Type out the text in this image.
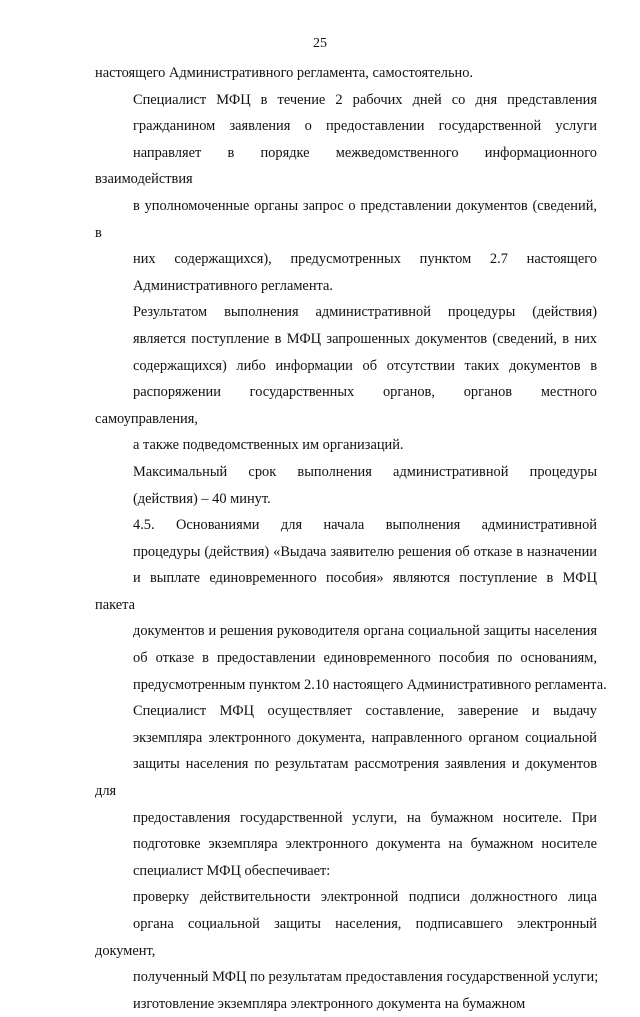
25

настоящего Административного регламента, самостоятельно.

Специалист МФЦ в течение 2 рабочих дней со дня представления
гражданином заявления о предоставлении государственной услуги
направляет в порядке межведомственного информационного взаимодействия
в уполномоченные органы запрос о представлении документов (сведений, в
них содержащихся), предусмотренных пунктом 2.7 настоящего
Административного регламента.

Результатом выполнения административной процедуры (действия)
является поступление в МФЦ запрошенных документов (сведений, в них
содержащихся) либо информации об отсутствии таких документов в
распоряжении государственных органов, органов местного самоуправления,
а также подведомственных им организаций.

Максимальный срок выполнения административной процедуры
(действия) – 40 минут.

4.5. Основаниями для начала выполнения административной
процедуры (действия) «Выдача заявителю решения об отказе в назначении
и выплате единовременного пособия» являются поступление в МФЦ пакета
документов и решения руководителя органа социальной защиты населения
об отказе в предоставлении единовременного пособия по основаниям,
предусмотренным пунктом 2.10 настоящего Административного регламента.

Специалист МФЦ осуществляет составление, заверение и выдачу
экземпляра электронного документа, направленного органом социальной
защиты населения по результатам рассмотрения заявления и документов для
предоставления государственной услуги, на бумажном носителе. При
подготовке экземпляра электронного документа на бумажном носителе
специалист МФЦ обеспечивает:

проверку действительности электронной подписи должностного лица
органа социальной защиты населения, подписавшего электронный документ,
полученный МФЦ по результатам предоставления государственной услуги;

изготовление экземпляра электронного документа на бумажном
